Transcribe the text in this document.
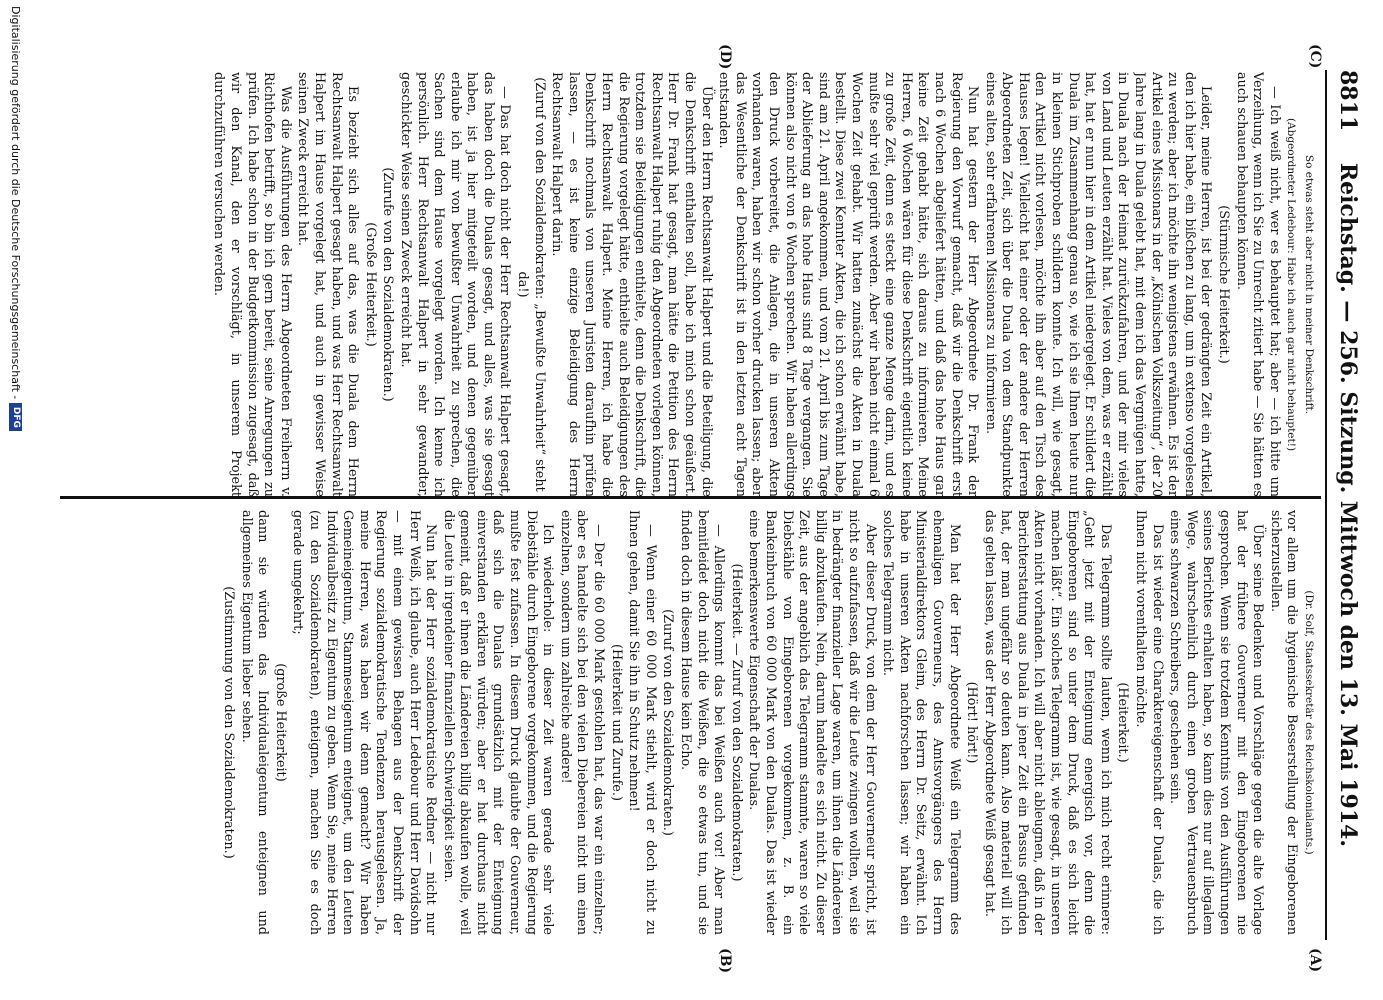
8811
Reichstag. — 256. Sitzung. Mittwoch den 13. Mai 1914.
(C)
(D)
(A)
(B)

So etwas steht aber nicht in meiner Denkschrift.

(Abgeordneter Ledebour: Habe ich auch gar nicht behauptet!)

— Ich weiß nicht, wer es behauptet hat; aber — ich bitte um Verzeihung, wenn ich Sie zu Unrecht zitiert habe — Sie hätten es auch schauen behaupten können.

(Stürmische Heiterkeit.)

Leider, meine Herren, ist bei der gedrängten Zeit ein Artikel, den ich hier habe, ein bißchen zu lang, um in extenso vorgelesen zu werden; aber ich möchte ihn wenigstens erwähnen. Es ist der Artikel eines Missionars in der „Kölnischen Volkszeitung“, der 20 Jahre lang in Duala gelebt hat, mit dem ich das Vergnügen hatte, in Duala nach der Heimat zurückzufahren, und der mir vieles von Land und Leuten erzählt hat. Vieles von dem, was er erzählt hat, hat er nun hier in dem Artikel niedergelegt. Er schildert die Duala im Zusammenhang genau so, wie ich sie Ihnen heute nur in kleinen Stichproben schildern konnte. Ich will, wie gesagt, den Artikel nicht vorlesen, möchte ihn aber auf den Tisch des Hauses legen! Vielleicht hat einer oder der andere der Herren Abgeordneten Zeit, sich über die Duala von dem Standpunkte eines alten, sehr erfahrenen Missionars zu informieren.

Nun hat gestern der Herr Abgeordnete Dr. Frank der Regierung den Vorwurf gemacht, daß wir die Denkschrift erst nach 6 Wochen abgeliefert hätten, und daß das hohe Haus gar keine Zeit gehabt hätte, sich daraus zu informieren. Meine Herren, 6 Wochen wären für diese Denkschrift eigentlich keine zu große Zeit, denn es steckt eine ganze Menge darin, und es mußte sehr viel geprüft werden. Aber wir haben nicht einmal 6 Wochen Zeit gehabt. Wir hatten zunächst die Akten in Duala bestellt. Diese zwei Kennter Akten, die ich schon erwähnt habe, sind am 21. April angekommen, und vom 21. April bis zum Tage der Ablieferung an das hohe Haus sind 8 Tage vergangen. Sie können also nicht von 6 Wochen sprechen. Wir haben allerdings den Druck vorbereitet, die Anlagen, die in unseren Akten vorhanden waren, haben wir schon vorher drucken lassen; aber das Wesentliche der Denkschrift ist in den letzten acht Tagen entstanden.

Über den Herrn Rechtsanwalt Halpert und die Beteiligung, die die Denkschrift enthalten soll, habe ich mich schon geäußert. Herr Dr. Frank hat gesagt, man hätte die Petition des Herrn Rechtsanwalt Halpert ruhig den Abgeordneten vorlegen können, trotzdem sie Beleidigungen enthielte, denn die Denkschrift, die die Regierung vorgelegt hätte, enthielte auch Beleidigungen des Herrn Rechtsanwalt Halpert. Meine Herren, ich habe die Denkschrift nochmals von unseren Juristen daraufhin prüfen lassen, — es ist keine einzige Beleidigung des Herrn Rechtsanwalt Halpert darin.

(Zuruf von den Sozialdemokraten: „Bewußte Unwahrheit“ steht da!)

— Das hat doch nicht der Herr Rechtsanwalt Halpert gesagt, das haben doch die Dualas gesagt, und alles, was sie gesagt haben, ist ja hier mitgeteilt worden, und denen gegenüber erlaube ich mir von bewußter Unwahrheit zu sprechen, die Sachen sind dem Hause vorgelegt worden. Ich kenne ich persönlich. Herr Rechtsanwalt Halpert in sehr gewandter, geschickter Weise seinen Zweck erreicht hat.

(Zurufe von den Sozialdemokraten.)

(Große Heiterkeit.)

Es bezieht sich alles auf das, was die Duala dem Herrn Rechtsanwalt Halpert gesagt haben, und was Herr Rechtsanwalt Halpert im Hause vorgelegt hat, und auch in gewisser Weise seinen Zweck erreicht hat.

Was die Ausführungen des Herrn Abgeordneten Freiherrn v. Richthofen betrifft, so bin ich gern bereit, seine Anregungen zu prüfen. Ich habe schon in der Budgetkommission zugesagt, daß wir den Kanal, den er vorschlägt, in unserem Projekt durchzuführen versuchen werden.

(Dr. Solf, Staatssekretär des Reichskolonialamts.)

vor allem um die hygienische Besserstellung der Eingeborenen sicherzustellen.

Über seine Bedenken und Vorschläge gegen die alte Vorlage hat der frühere Gouverneur mit den Eingeborenen nie gesprochen. Wenn sie trotzdem Kenntnis von den Ausführungen seines Berichtes erhalten haben, so kann dies nur auf illegalem Wege, wahrscheinlich durch einen groben Vertrauensbruch eines schwarzen Schreibers, geschehen sein.

Das ist wieder eine Charaktereigenschaft der Dualas, die ich Ihnen nicht vorenthalten möchte.

(Heiterkeit.)

Das Telegramm sollte lauten, wenn ich mich recht erinnere: „Geht jetzt mit der Enteignung energisch vor, denn die Eingeborenen sind so unter dem Druck, daß es sich leicht machen läßt“. Ein solches Telegramm ist, wie gesagt, in unseren Akten nicht vorhanden. Ich will aber nicht ableugnen, daß in der Berichterstattung aus Duala in jener Zeit ein Passus gefunden hat, der man ungefähr so deuten kann. Also materiell will ich das gelten lassen, was der Herr Abgeordnete Weiß gesagt hat.

(Hört! hört!)

Man hat der Herr Abgeordnete Weiß ein Telegramm des ehemaligen Gouverneurs, des Amtsvorgängers des Herrn Ministerialdirektors Gleim, des Herrn Dr. Seitz, erwähnt. Ich habe in unseren Akten nachforschen lassen; wir haben ein solches Telegramm nicht.

Aber dieser Druck, von dem der Herr Gouverneur spricht, ist nicht so aufzufassen, daß wir die Leute zwingen wollten, weil sie in bedrängter finanzieller Lage waren, um ihnen die Ländereien billig abzukaufen. Nein, darum handelte es sich nicht. Zu dieser Zeit, aus der angeblich das Telegramm stammte, waren so viele Diebstähle von Eingeborenen vorgekommen, z. B. ein Bankeinbruch von 60 000 Mark von den Dualas. Das ist wieder eine bemerkenswerte Eigenschaft der Dualas.

(Heiterkeit. — Zuruf von den Sozialdemokraten.)

— Allerdings kommt das bei Weißen auch vor! Aber man bemitleidet doch nicht die Weißen, die so etwas tun, und sie finden doch in diesem Hause kein Echo.

(Zuruf von den Sozialdemokraten.)

— Wenn einer 60 000 Mark stiehlt, wird er doch nicht zu Ihnen gehen, damit Sie ihn in Schutz nehmen!

(Heiterkeit und Zurufe.)

— Der die 60 000 Mark gestohlen hat, das war ein einzelner; aber es handelte sich bei den vielen Diebereien nicht um einen einzelnen, sondern um zahlreiche andere!

Ich wiederhole: in dieser Zeit waren gerade sehr viele Diebstähle durch Eingeborene vorgekommen, und die Regierung mußte fest zufassen. In diesem Druck glaubte der Gouverneur, daß sich die Dualas grundsätzlich mit der Enteignung einverstanden erklären würden; aber er hat durchaus nicht gemeint, daß er ihnen die Ländereien billig abkaufen wolle, weil die Leute in irgendeiner finanziellen Schwierigkeit seien.

Nun hat der Herr sozialdemokratische Redner — nicht nur Herr Weiß, ich glaube, auch Herr Ledebour und Herr Davidsohn — mit einem gewissen Behagen aus der Denkschrift der Regierung sozialdemokratische Tendenzen herausgelesen. Ja, meine Herren, was haben wir denn gemacht? Wir haben Gemeineigentum, Stammeseigentum enteignet, um den Leuten Individualbesitz zu Eigentum zu geben. Wenn Sie, meine Herren (zu den Sozialdemokraten), enteignen, machen Sie es doch gerade umgekehrt;

(große Heiterkeit)

dann sie würden das Individualeigentum enteignen und allgemeines Eigentum lieber sehen.

(Zustimmung von den Sozialdemokraten.)

Digitalisierung gefördert durch die Deutsche Forschungsgemeinschaft -
DFG
